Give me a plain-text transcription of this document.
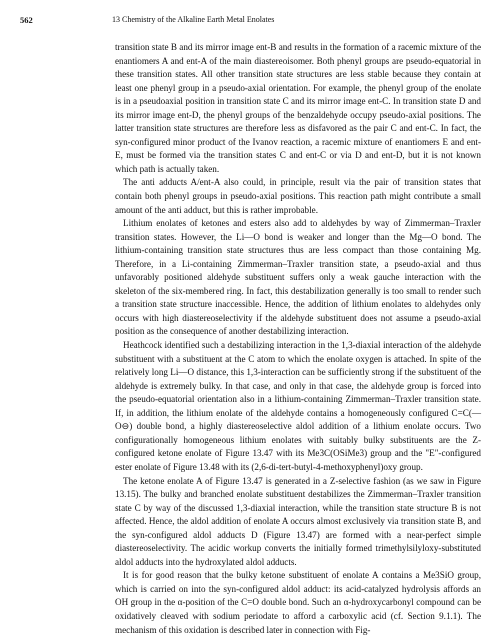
562	13 Chemistry of the Alkaline Earth Metal Enolates

transition state B and its mirror image ent-B and results in the formation of a racemic mixture of the enantiomers A and ent-A of the main diastereoisomer. Both phenyl groups are pseudo-equatorial in these transition states. All other transition state structures are less stable because they contain at least one phenyl group in a pseudo-axial orientation. For example, the phenyl group of the enolate is in a pseudoaxial position in transition state C and its mirror image ent-C. In transition state D and its mirror image ent-D, the phenyl groups of the benzaldehyde occupy pseudo-axial positions. The latter transition state structures are therefore less as disfavored as the pair C and ent-C. In fact, the syn-configured minor product of the Ivanov reaction, a racemic mixture of enantiomers E and ent-E, must be formed via the transition states C and ent-C or via D and ent-D, but it is not known which path is actually taken.

The anti adducts A/ent-A also could, in principle, result via the pair of transition states that contain both phenyl groups in pseudo-axial positions. This reaction path might contribute a small amount of the anti adduct, but this is rather improbable.

Lithium enolates of ketones and esters also add to aldehydes by way of Zimmerman–Traxler transition states. However, the Li—O bond is weaker and longer than the Mg—O bond. The lithium-containing transition state structures thus are less compact than those containing Mg. Therefore, in a Li-containing Zimmerman–Traxler transition state, a pseudo-axial and thus unfavorably positioned aldehyde substituent suffers only a weak gauche interaction with the skeleton of the six-membered ring. In fact, this destabilization generally is too small to render such a transition state structure inaccessible. Hence, the addition of lithium enolates to aldehydes only occurs with high diastereoselectivity if the aldehyde substituent does not assume a pseudo-axial position as the consequence of another destabilizing interaction.

Heathcock identified such a destabilizing interaction in the 1,3-diaxial interaction of the aldehyde substituent with a substituent at the C atom to which the enolate oxygen is attached. In spite of the relatively long Li—O distance, this 1,3-interaction can be sufficiently strong if the substituent of the aldehyde is extremely bulky. In that case, and only in that case, the aldehyde group is forced into the pseudo-equatorial orientation also in a lithium-containing Zimmerman–Traxler transition state. If, in addition, the lithium enolate of the aldehyde contains a homogeneously configured C=C(—O⊖) double bond, a highly diastereoselective aldol addition of a lithium enolate occurs. Two configurationally homogeneous lithium enolates with suitably bulky substituents are the Z-configured ketone enolate of Figure 13.47 with its Me3C(OSiMe3) group and the "E"-configured ester enolate of Figure 13.48 with its (2,6-di-tert-butyl-4-methoxyphenyl)oxy group.

The ketone enolate A of Figure 13.47 is generated in a Z-selective fashion (as we saw in Figure 13.15). The bulky and branched enolate substituent destabilizes the Zimmerman–Traxler transition state C by way of the discussed 1,3-diaxial interaction, while the transition state structure B is not affected. Hence, the aldol addition of enolate A occurs almost exclusively via transition state B, and the syn-configured aldol adducts D (Figure 13.47) are formed with a near-perfect simple diastereoselectivity. The acidic workup converts the initially formed trimethylsilyloxy-substituted aldol adducts into the hydroxylated aldol adducts.

It is for good reason that the bulky ketone substituent of enolate A contains a Me3SiO group, which is carried on into the syn-configured aldol adduct: its acid-catalyzed hydrolysis affords an OH group in the α-position of the C=O double bond. Such an α-hydroxycarbonyl compound can be oxidatively cleaved with sodium periodate to afford a carboxylic acid (cf. Section 9.1.1). The mechanism of this oxidation is described later in connection with Fig-
